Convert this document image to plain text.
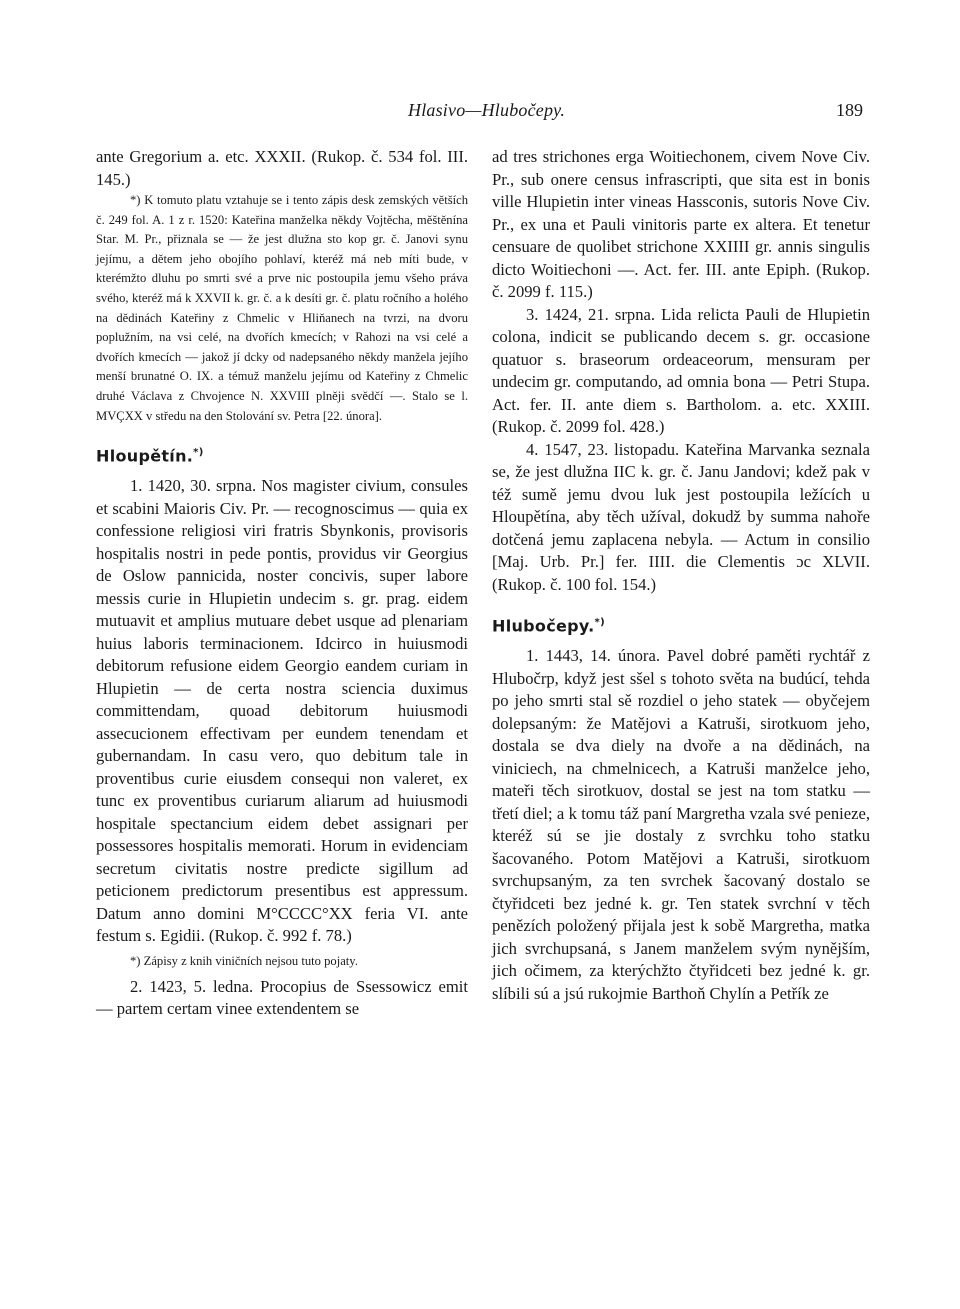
Hlasivo—Hlubočepy.	189

ante Gregorium a. etc. XXXII. (Rukop. č. 534 fol. III. 145.)

*) K tomuto platu vztahuje se i tento zápis desk zemských větších č. 249 fol. A. 1 z r. 1520: Kateřina manželka někdy Vojtěcha, měštěnína Star. M. Pr., přiznala se — že jest dlužna sto kop gr. č. Janovi synu jejímu, a dětem jeho obojího pohlaví, kteréž má neb míti bude, v kterémžto dluhu po smrti své a prve nic postoupila jemu všeho práva svého, kteréž má k XXVII k. gr. č. a k desíti gr. č. platu ročního a holého na dědinách Kateřiny z Chmelic v Hliňanech na tvrzi, na dvoru poplužním, na vsi celé, na dvořích kmecích; v Rahozi na vsi celé a dvořích kmecích — jakož jí dcky od nadepsaného někdy manžela jejího menší brunatné O. IX. a témuž manželu jejímu od Kateřiny z Chmelic druhé Václava z Chvojence N. XXVIII plněji svědčí —. Stalo se l. MVÇXX v středu na den Stolování sv. Petra [22. února].

Hloupětín.*)

1. 1420, 30. srpna. Nos magister civium, consules et scabini Maioris Civ. Pr. — recognoscimus — quia ex confessione religiosi viri fratris Sbynkonis, provisoris hospitalis nostri in pede pontis, providus vir Georgius de Oslow pannicida, noster concivis, super labore messis curie in Hlupietin undecim s. gr. prag. eidem mutuavit et amplius mutuare debet usque ad plenariam huius laboris terminacionem. Idcirco in huiusmodi debitorum refusione eidem Georgio eandem curiam in Hlupietin — de certa nostra sciencia duximus committendam, quoad debitorum huiusmodi assecucionem effectivam per eundem tenendam et gubernandam. In casu vero, quo debitum tale in proventibus curie eiusdem consequi non valeret, ex tunc ex proventibus curiarum aliarum ad huiusmodi hospitale spectancium eidem debet assignari per possessores hospitalis memorati. Horum in evidenciam secretum civitatis nostre predicte sigillum ad peticionem predictorum presentibus est appressum. Datum anno domini M°CCCC°XX feria VI. ante festum s. Egidii. (Rukop. č. 992 f. 78.)

*) Zápisy z knih viničních nejsou tuto pojaty.

2. 1423, 5. ledna. Procopius de Ssessowicz emit — partem certam vinee extendentem se

ad tres strichones erga Woitiechonem, civem Nove Civ. Pr., sub onere census infrascripti, que sita est in bonis ville Hlupietin inter vineas Hassconis, sutoris Nove Civ. Pr., ex una et Pauli vinitoris parte ex altera. Et tenetur censuare de quolibet strichone XXIIII gr. annis singulis dicto Woitiechoni —. Act. fer. III. ante Epiph. (Rukop. č. 2099 f. 115.)

3. 1424, 21. srpna. Lida relicta Pauli de Hlupietin colona, indicit se publicando decem s. gr. occasione quatuor s. braseorum ordeaceorum, mensuram per undecim gr. computando, ad omnia bona — Petri Stupa. Act. fer. II. ante diem s. Bartholom. a. etc. XXIII. (Rukop. č. 2099 fol. 428.)

4. 1547, 23. listopadu. Kateřina Marvanka seznala se, že jest dlužna IIC k. gr. č. Janu Jandovi; kdež pak v též sumě jemu dvou luk jest postoupila ležících u Hloupětína, aby těch užíval, dokudž by summa nahoře dotčená jemu zaplacena nebyla. — Actum in consilio [Maj. Urb. Pr.] fer. IIII. die Clementis ɔc XLVII. (Rukop. č. 100 fol. 154.)

Hlubočepy.*)

1. 1443, 14. února. Pavel dobré paměti rychtář z Hlubočrp, když jest sšel s tohoto světa na budúcí, tehda po jeho smrti stal sě rozdiel o jeho statek — obyčejem dolepsaným: že Matějovi a Katruši, sirotkuom jeho, dostala se dva diely na dvoře a na dědinách, na viniciech, na chmelnicech, a Katruši manželce jeho, mateři těch sirotkuov, dostal se jest na tom statku — třetí diel; a k tomu táž paní Margretha vzala své penieze, kteréž sú se jie dostaly z svrchku toho statku šacovaného. Potom Matějovi a Katruši, sirotkuom svrchupsaným, za ten svrchek šacovaný dostalo se čtyřidceti bez jedné k. gr. Ten statek svrchní v těch penězích položený přijala jest k sobě Margretha, matka jich svrchupsaná, s Janem manželem svým nynějším, jich očimem, za kterýchžto čtyřidceti bez jedné k. gr. slíbili sú a jsú rukojmie Barthoň Chylín a Petřík ze
